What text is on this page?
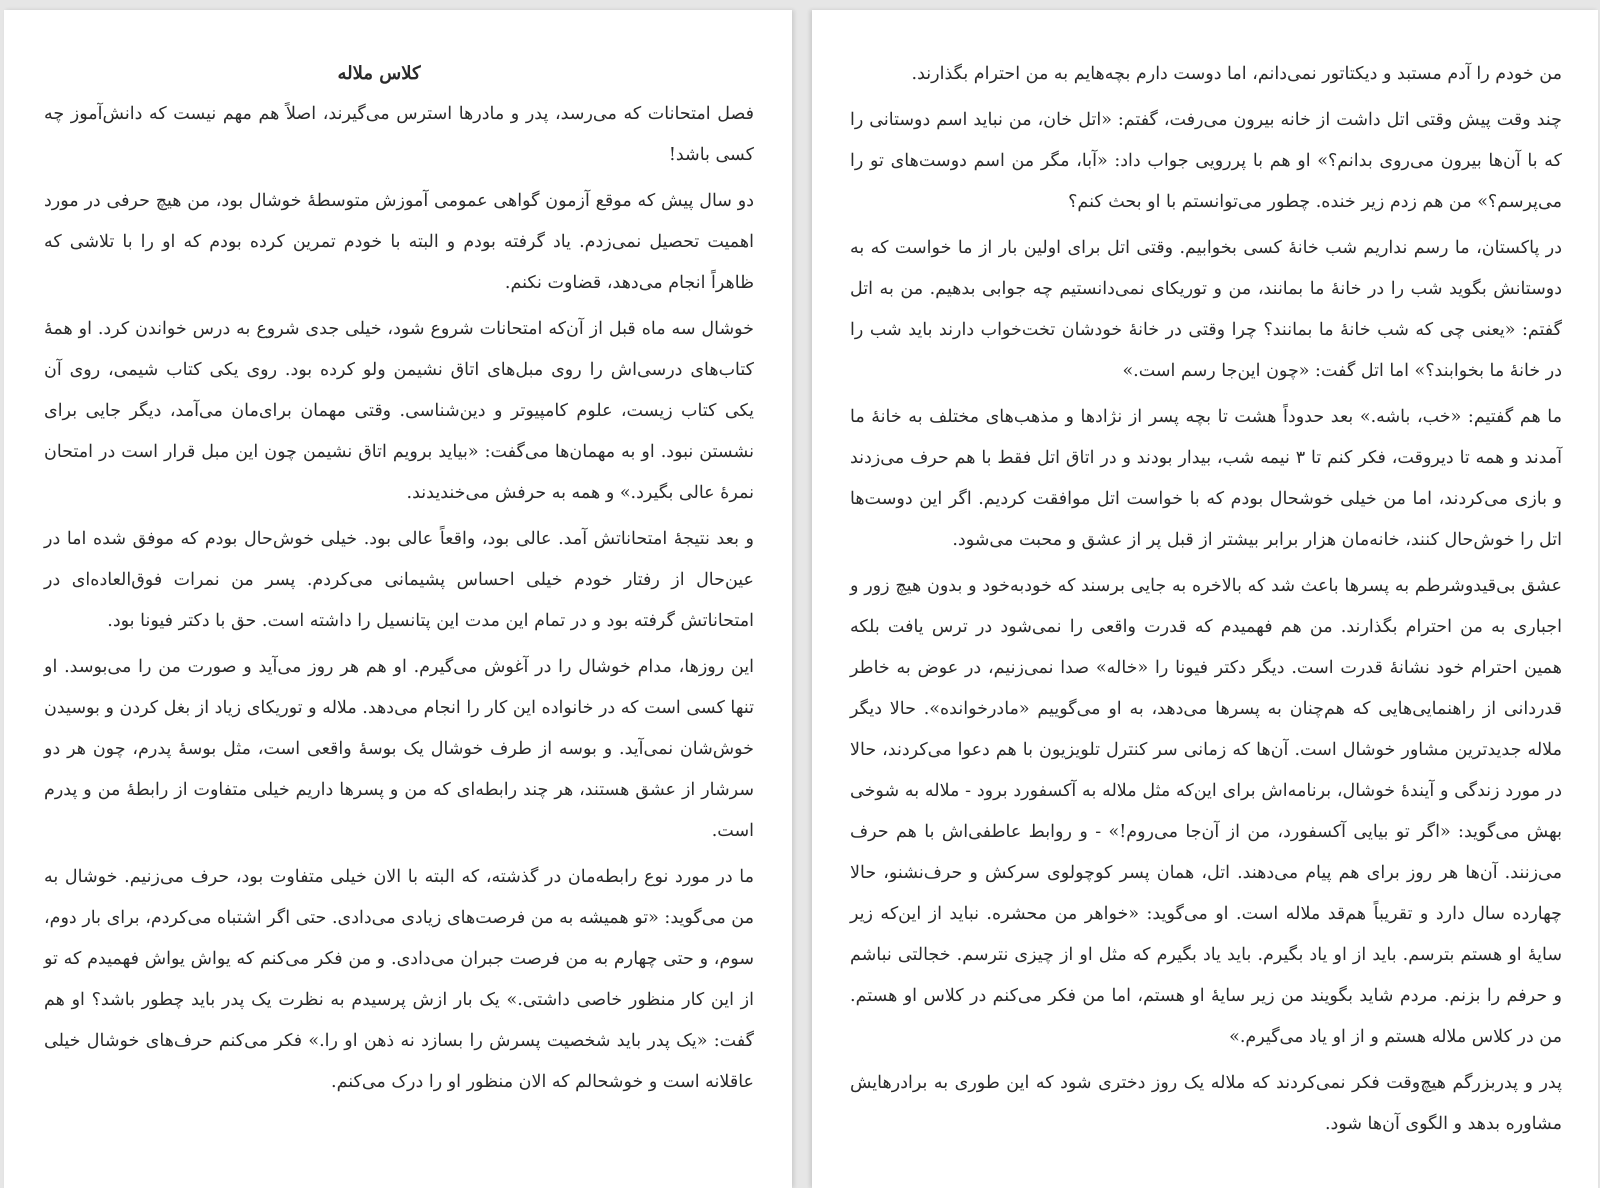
کلاس ملاله

فصل امتحانات که می‌رسد، پدر و مادرها استرس می‌گیرند، اصلاً هم مهم نیست که دانش‌آموز چه کسی باشد!

دو سال پیش که موقع آزمون گواهی عمومی آموزش متوسطهٔ خوشال بود، من هیچ حرفی در مورد اهمیت تحصیل نمی‌زدم. یاد گرفته بودم و البته با خودم تمرین کرده بودم که او را با تلاشی که ظاهراً انجام می‌دهد، قضاوت نکنم.

خوشال سه ماه قبل از آن‌که امتحانات شروع شود، خیلی جدی شروع به درس خواندن کرد. او همهٔ کتاب‌های درسی‌اش را روی مبل‌های اتاق نشیمن ولو کرده بود. روی یکی کتاب شیمی، روی آن یکی کتاب زیست، علوم کامپیوتر و دین‌شناسی. وقتی مهمان برای‌مان می‌آمد، دیگر جایی برای نشستن نبود. او به مهمان‌ها می‌گفت: «بیاید برویم اتاق نشیمن چون این مبل قرار است در امتحان نمرهٔ عالی بگیرد.» و همه به حرفش می‌خندیدند.

و بعد نتیجهٔ امتحاناتش آمد. عالی بود، واقعاً عالی بود. خیلی خوش‌حال بودم که موفق شده اما در عین‌حال از رفتار خودم خیلی احساس پشیمانی می‌کردم. پسر من نمرات فوق‌العاده‌ای در امتحاناتش گرفته بود و در تمام این مدت این پتانسیل را داشته است. حق با دکتر فیونا بود.

این روزها، مدام خوشال را در آغوش می‌گیرم. او هم هر روز می‌آید و صورت من را می‌بوسد. او تنها کسی است که در خانواده این کار را انجام می‌دهد. ملاله و توریکای زیاد از بغل کردن و بوسیدن خوش‌شان نمی‌آید. و بوسه از طرف خوشال یک بوسهٔ واقعی است، مثل بوسهٔ پدرم، چون هر دو سرشار از عشق هستند، هر چند رابطه‌ای که من و پسرها داریم خیلی متفاوت از رابطهٔ من و پدرم است.

ما در مورد نوع رابطه‌مان در گذشته، که البته با الان خیلی متفاوت بود، حرف می‌زنیم. خوشال به من می‌گوید: «تو همیشه به من فرصت‌های زیادی می‌دادی. حتی اگر اشتباه می‌کردم، برای بار دوم، سوم، و حتی چهارم به من فرصت جبران می‌دادی. و من فکر می‌کنم که یواش یواش فهمیدم که تو از این کار منظور خاصی داشتی.» یک بار ازش پرسیدم به نظرت یک پدر باید چطور باشد؟ او هم گفت: «یک پدر باید شخصیت پسرش را بسازد نه ذهن او را.» فکر می‌کنم حرف‌های خوشال خیلی عاقلانه است و خوشحالم که الان منظور او را درک می‌کنم.

من خودم را آدم مستبد و دیکتاتور نمی‌دانم، اما دوست دارم بچه‌هایم به من احترام بگذارند.

چند وقت پیش وقتی اتل داشت از خانه بیرون می‌رفت، گفتم: «اتل خان، من نباید اسم دوستانی را که با آن‌ها بیرون می‌روی بدانم؟» او هم با پررویی جواب داد: «آبا، مگر من اسم دوست‌های تو را می‌پرسم؟» من هم زدم زیر خنده. چطور می‌توانستم با او بحث کنم؟

در پاکستان، ما رسم نداریم شب خانهٔ کسی بخوابیم. وقتی اتل برای اولین بار از ما خواست که به دوستانش بگوید شب را در خانهٔ ما بمانند، من و توریکای نمی‌دانستیم چه جوابی بدهیم. من به اتل گفتم: «یعنی چی که شب خانهٔ ما بمانند؟ چرا وقتی در خانهٔ خودشان تخت‌خواب دارند باید شب را در خانهٔ ما بخوابند؟» اما اتل گفت: «چون این‌جا رسم است.»

ما هم گفتیم: «خب، باشه.» بعد حدوداً هشت تا بچه پسر از نژادها و مذهب‌های مختلف به خانهٔ ما آمدند و همه تا دیروقت، فکر کنم تا ۳ نیمه شب، بیدار بودند و در اتاق اتل فقط با هم حرف می‌زدند و بازی می‌کردند، اما من خیلی خوشحال بودم که با خواست اتل موافقت کردیم. اگر این دوست‌ها اتل را خوش‌حال کنند، خانه‌مان هزار برابر بیشتر از قبل پر از عشق و محبت می‌شود.

عشق بی‌قیدوشرطم به پسرها باعث شد که بالاخره به جایی برسند که خودبه‌خود و بدون هیچ زور و اجباری به من احترام بگذارند. من هم فهمیدم که قدرت واقعی را نمی‌شود در ترس یافت بلکه همین احترام خود نشانهٔ قدرت است. دیگر دکتر فیونا را «خاله» صدا نمی‌زنیم، در عوض به خاطر قدردانی از راهنمایی‌هایی که هم‌چنان به پسرها می‌دهد، به او می‌گوییم «مادرخوانده». حالا دیگر ملاله جدیدترین مشاور خوشال است. آن‌ها که زمانی سر کنترل تلویزیون با هم دعوا می‌کردند، حالا در مورد زندگی و آیندهٔ خوشال، برنامه‌اش برای این‌که مثل ملاله به آکسفورد برود - ملاله به شوخی بهش می‌گوید: «اگر تو بیایی آکسفورد، من از آن‌جا می‌روم!» - و روابط عاطفی‌اش با هم حرف می‌زنند. آن‌ها هر روز برای هم پیام می‌دهند. اتل، همان پسر کوچولوی سرکش و حرف‌نشنو، حالا چهارده سال دارد و تقریباً هم‌قد ملاله است. او می‌گوید: «خواهر من محشره. نباید از این‌که زیر سایهٔ او هستم بترسم. باید از او یاد بگیرم. باید یاد بگیرم که مثل او از چیزی نترسم. خجالتی نباشم و حرفم را بزنم. مردم شاید بگویند من زیر سایهٔ او هستم، اما من فکر می‌کنم در کلاس او هستم. من در کلاس ملاله هستم و از او یاد می‌گیرم.»

پدر و پدربزرگم هیچ‌وقت فکر نمی‌کردند که ملاله یک روز دختری شود که این طوری به برادرهایش مشاوره بدهد و الگوی آن‌ها شود.
